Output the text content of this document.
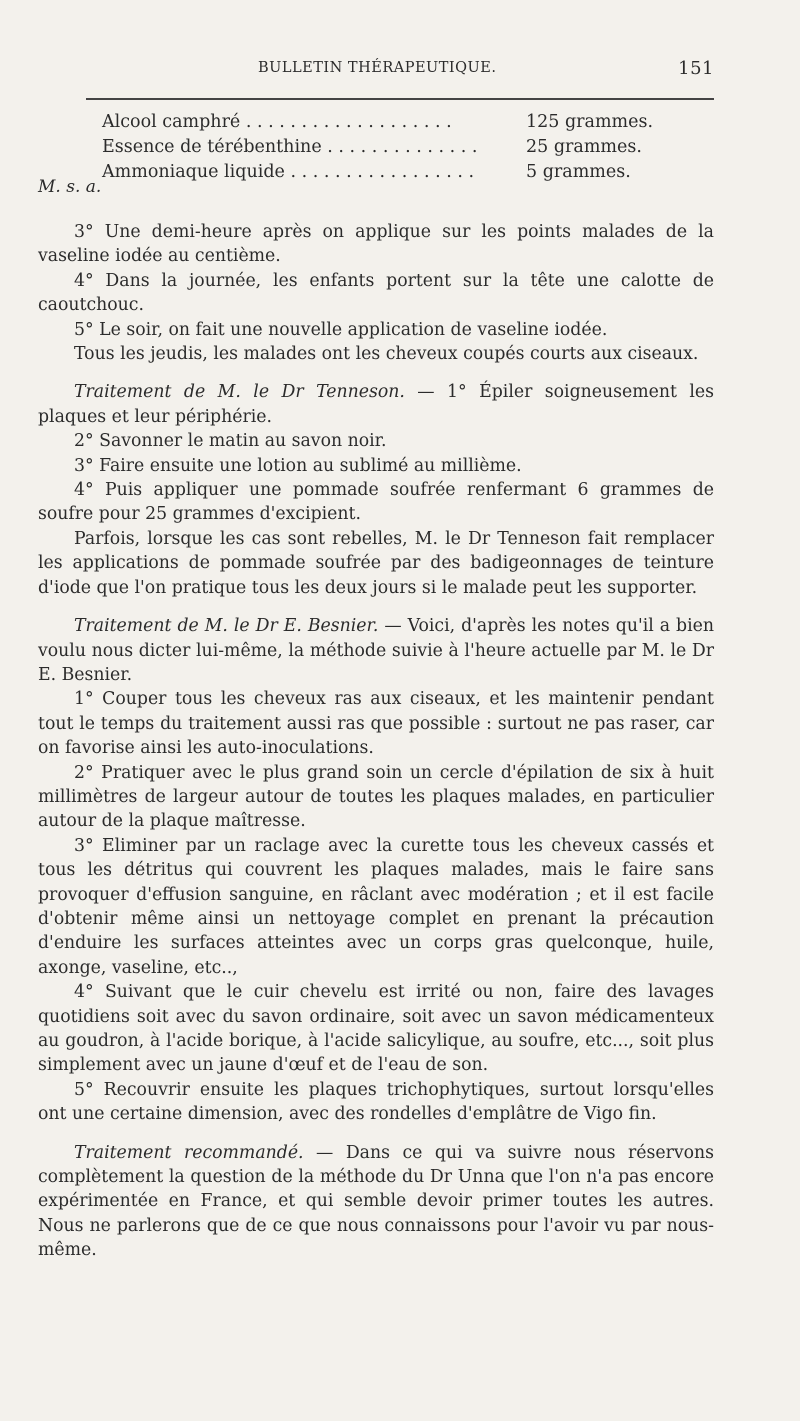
BULLETIN THÉRAPEUTIQUE.	151
Alcool camphré . . . . . . . . . . . . . . . . . . .	125 grammes.
Essence de térébenthine . . . . . . . . . . . . . .	25 grammes.
Ammoniaque liquide . . . . . . . . . . . . . . . . .	5 grammes.
M. s. a.

3° Une demi-heure après on applique sur les points malades de la vaseline iodée au centième.

4° Dans la journée, les enfants portent sur la tête une calotte de caoutchouc.

5° Le soir, on fait une nouvelle application de vaseline iodée.

Tous les jeudis, les malades ont les cheveux coupés courts aux ciseaux.

Traitement de M. le Dr Tenneson. — 1° Épiler soigneusement les plaques et leur périphérie.

2° Savonner le matin au savon noir.

3° Faire ensuite une lotion au sublimé au millième.

4° Puis appliquer une pommade soufrée renfermant 6 grammes de soufre pour 25 grammes d'excipient.

Parfois, lorsque les cas sont rebelles, M. le Dr Tenneson fait remplacer les applications de pommade soufrée par des badigeonnages de teinture d'iode que l'on pratique tous les deux jours si le malade peut les supporter.

Traitement de M. le Dr E. Besnier. — Voici, d'après les notes qu'il a bien voulu nous dicter lui-même, la méthode suivie à l'heure actuelle par M. le Dr E. Besnier.

1° Couper tous les cheveux ras aux ciseaux, et les maintenir pendant tout le temps du traitement aussi ras que possible : surtout ne pas raser, car on favorise ainsi les auto-inoculations.

2° Pratiquer avec le plus grand soin un cercle d'épilation de six à huit millimètres de largeur autour de toutes les plaques malades, en particulier autour de la plaque maîtresse.

3° Eliminer par un raclage avec la curette tous les cheveux cassés et tous les détritus qui couvrent les plaques malades, mais le faire sans provoquer d'effusion sanguine, en râclant avec modération ; et il est facile d'obtenir même ainsi un nettoyage complet en prenant la précaution d'enduire les surfaces atteintes avec un corps gras quelconque, huile, axonge, vaseline, etc..,

4° Suivant que le cuir chevelu est irrité ou non, faire des lavages quotidiens soit avec du savon ordinaire, soit avec un savon médicamenteux au goudron, à l'acide borique, à l'acide salicylique, au soufre, etc..., soit plus simplement avec un jaune d'œuf et de l'eau de son.

5° Recouvrir ensuite les plaques trichophytiques, surtout lorsqu'elles ont une certaine dimension, avec des rondelles d'emplâtre de Vigo fin.

Traitement recommandé. — Dans ce qui va suivre nous réservons complètement la question de la méthode du Dr Unna que l'on n'a pas encore expérimentée en France, et qui semble devoir primer toutes les autres. Nous ne parlerons que de ce que nous connaissons pour l'avoir vu par nous-même.
